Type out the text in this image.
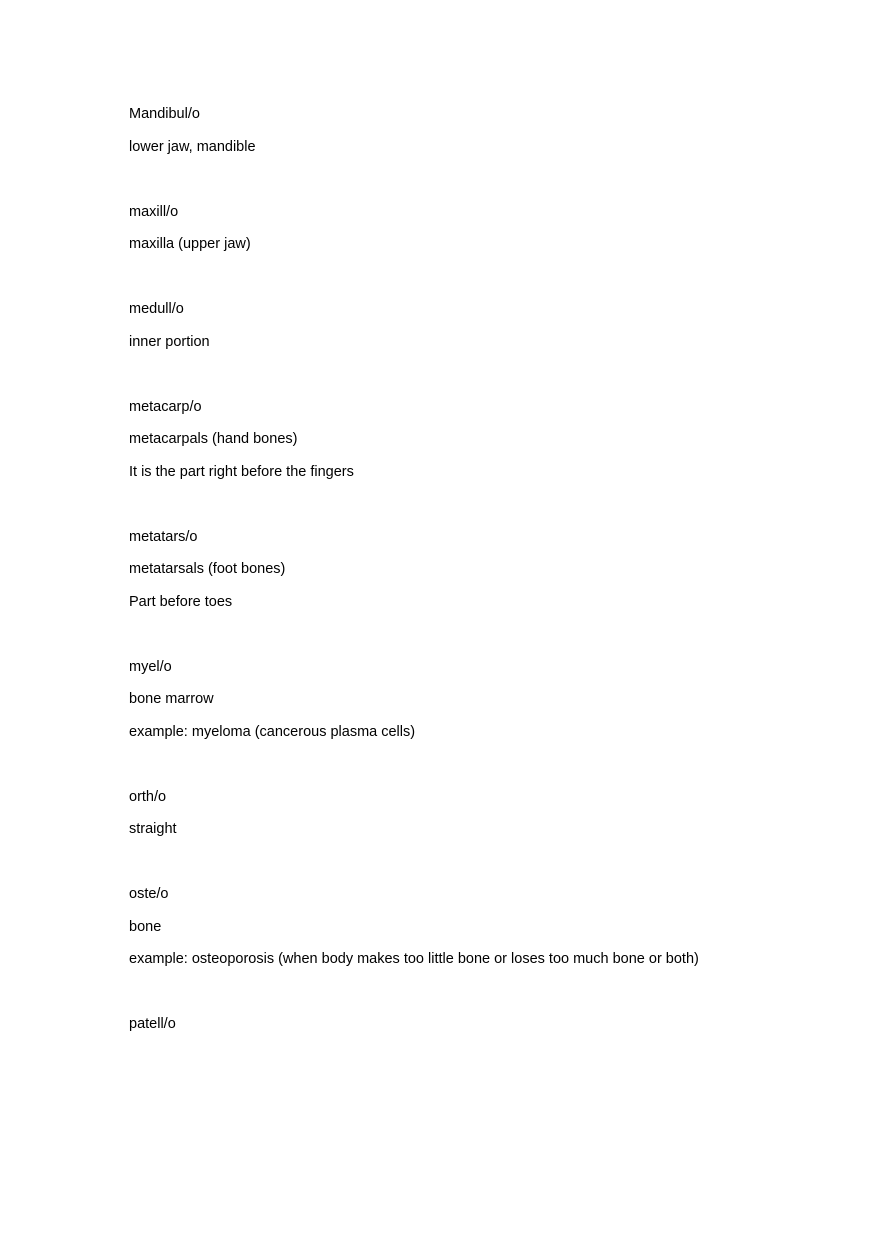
Mandibul/o
lower jaw, mandible
maxill/o
maxilla (upper jaw)
medull/o
inner portion
metacarp/o
metacarpals (hand bones)
It is the part right before the fingers
metatars/o
metatarsals (foot bones)
Part before toes
myel/o
bone marrow
example: myeloma (cancerous plasma cells)
orth/o
straight
oste/o
bone
example: osteoporosis (when body makes too little bone or loses too much bone or both)
patell/o
